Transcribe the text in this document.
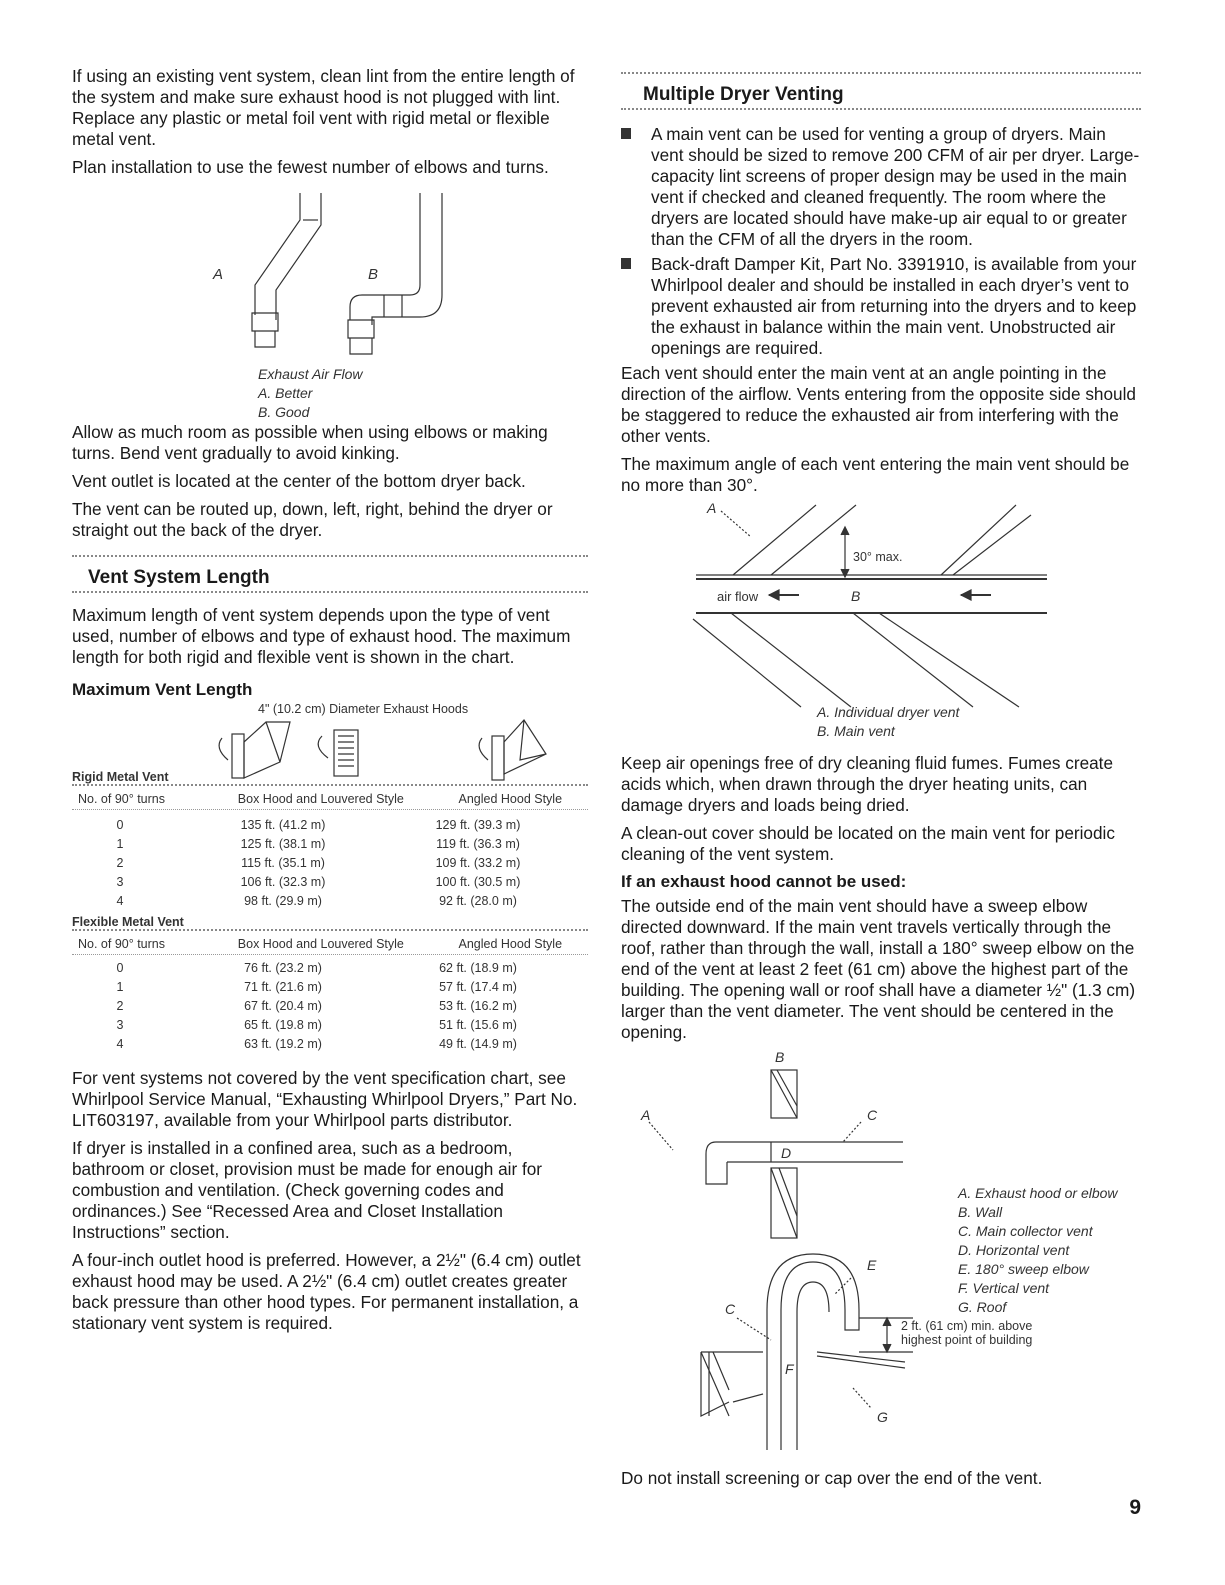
If using an existing vent system, clean lint from the entire length of the system and make sure exhaust hood is not plugged with lint. Replace any plastic or metal foil vent with rigid metal or flexible metal vent.

Plan installation to use the fewest number of elbows and turns.

A	B
Exhaust Air Flow
A. Better
B. Good

Allow as much room as possible when using elbows or making turns. Bend vent gradually to avoid kinking.

Vent outlet is located at the center of the bottom dryer back.

The vent can be routed up, down, left, right, behind the dryer or straight out the back of the dryer.

Vent System Length

Maximum length of vent system depends upon the type of vent used, number of elbows and type of exhaust hood. The maximum length for both rigid and flexible vent is shown in the chart.

Maximum Vent Length
4" (10.2 cm) Diameter Exhaust Hoods
Rigid Metal Vent
No. of 90° turns	Box Hood and Louvered Style	Angled Hood Style
0	135 ft. (41.2 m)	129 ft. (39.3 m)
1	125 ft. (38.1 m)	119 ft. (36.3 m)
2	115 ft. (35.1 m)	109 ft. (33.2 m)
3	106 ft. (32.3 m)	100 ft. (30.5 m)
4	98 ft. (29.9 m)	92 ft. (28.0 m)
Flexible Metal Vent
No. of 90° turns	Box Hood and Louvered Style	Angled Hood Style
0	76 ft. (23.2 m)	62 ft. (18.9 m)
1	71 ft. (21.6 m)	57 ft. (17.4 m)
2	67 ft. (20.4 m)	53 ft. (16.2 m)
3	65 ft. (19.8 m)	51 ft. (15.6 m)
4	63 ft. (19.2 m)	49 ft. (14.9 m)

For vent systems not covered by the vent specification chart, see Whirlpool Service Manual, “Exhausting Whirlpool Dryers,” Part No. LIT603197, available from your Whirlpool parts distributor.

If dryer is installed in a confined area, such as a bedroom, bathroom or closet, provision must be made for enough air for combustion and ventilation. (Check governing codes and ordinances.) See “Recessed Area and Closet Installation Instructions” section.

A four-inch outlet hood is preferred. However, a 2½" (6.4 cm) outlet exhaust hood may be used. A 2½" (6.4 cm) outlet creates greater back pressure than other hood types. For permanent installation, a stationary vent system is required.

Multiple Dryer Venting
A main vent can be used for venting a group of dryers. Main vent should be sized to remove 200 CFM of air per dryer. Large-capacity lint screens of proper design may be used in the main vent if checked and cleaned frequently. The room where the dryers are located should have make-up air equal to or greater than the CFM of all the dryers in the room.
Back-draft Damper Kit, Part No. 3391910, is available from your Whirlpool dealer and should be installed in each dryer’s vent to prevent exhausted air from returning into the dryers and to keep the exhaust in balance within the main vent. Unobstructed air openings are required.

Each vent should enter the main vent at an angle pointing in the direction of the airflow. Vents entering from the opposite side should be staggered to reduce the exhausted air from interfering with the other vents.

The maximum angle of each vent entering the main vent should be no more than 30°.

A
30° max.
air flow	B
A. Individual dryer vent
B. Main vent

Keep air openings free of dry cleaning fluid fumes. Fumes create acids which, when drawn through the dryer heating units, can damage dryers and loads being dried.

A clean-out cover should be located on the main vent for periodic cleaning of the vent system.

If an exhaust hood cannot be used:

The outside end of the main vent should have a sweep elbow directed downward. If the main vent travels vertically through the roof, rather than through the wall, install a 180° sweep elbow on the end of the vent at least 2 feet (61 cm) above the highest part of the building. The opening wall or roof shall have a diameter ½" (1.3 cm) larger than the vent diameter. The vent should be centered in the opening.

B
A	C
D
E
C
F
G
2 ft. (61 cm) min. above
highest point of building
A. Exhaust hood or elbow
B. Wall
C. Main collector vent
D. Horizontal vent
E. 180° sweep elbow
F. Vertical vent
G. Roof

Do not install screening or cap over the end of the vent.

9
